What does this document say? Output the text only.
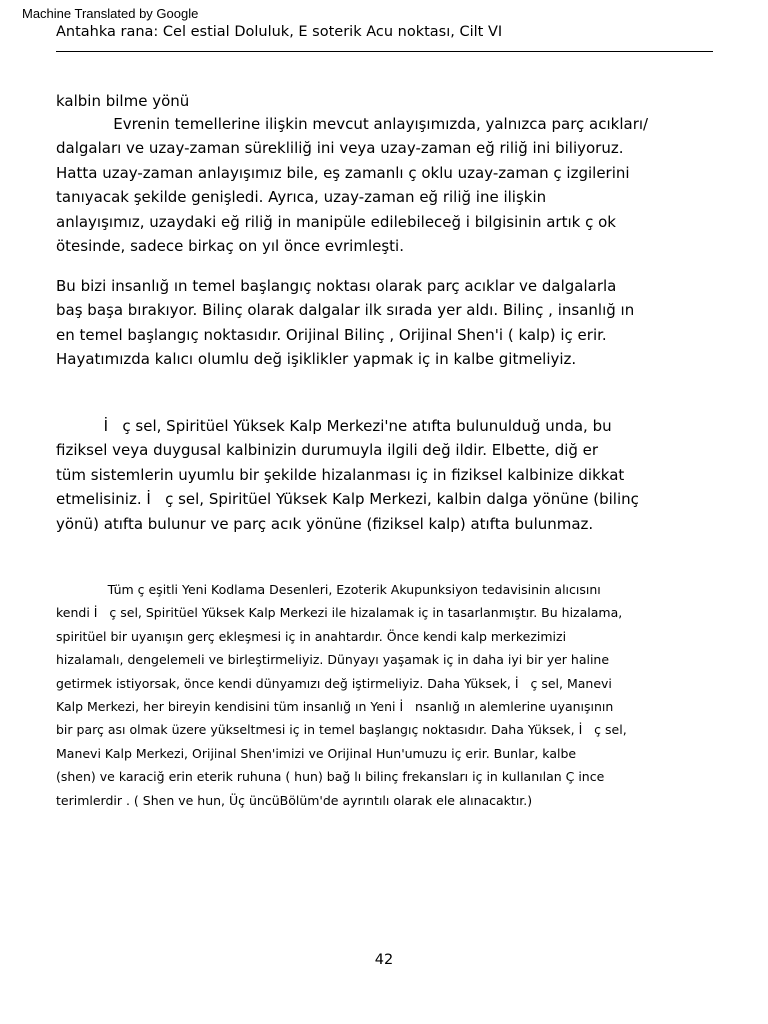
Machine Translated by Google
Antahka rana: Cel estial Doluluk, E soterik Acu noktası, Cilt VI
kalbin bilme yönü
Evrenin temellerine ilişkin mevcut anlayışımızda, yalnızca parç acıkları/
dalgaları ve uzay-zaman sürekliliğ ini veya uzay-zaman eğ riliğ ini biliyoruz.
Hatta uzay-zaman anlayışımız bile, eş zamanlı ç oklu uzay-zaman ç izgilerini
tanıyacak şekilde genişledi. Ayrıca, uzay-zaman eğ riliğ ine ilişkin
anlayışımız, uzaydaki eğ riliğ in manipüle edilebileceğ i bilgisinin artık ç ok
ötesinde, sadece birkaç on yıl önce evrimleşti.
Bu bizi insanlığ ın temel başlangıç noktası olarak parç acıklar ve dalgalarla
baş başa bırakıyor. Bilinç olarak dalgalar ilk sırada yer aldı. Bilinç , insanlığ ın
en temel başlangıç noktasıdır. Orijinal Bilinç , Orijinal Shen'i ( kalp) iç erir.
Hayatımızda kalıcı olumlu değ işiklikler yapmak iç in kalbe gitmeliyiz.
İ   ç sel, Spiritüel Yüksek Kalp Merkezi'ne atıfta bulunulduğ unda, bu
fiziksel veya duygusal kalbinizin durumuyla ilgili değ ildir. Elbette, diğ er
tüm sistemlerin uyumlu bir şekilde hizalanması iç in fiziksel kalbinize dikkat
etmelisiniz. İ   ç sel, Spiritüel Yüksek Kalp Merkezi, kalbin dalga yönüne (bilinç
yönü) atıfta bulunur ve parç acık yönüne (fiziksel kalp) atıfta bulunmaz.
Tüm ç eşitli Yeni Kodlama Desenleri, Ezoterik Akupunksiyon tedavisinin alıcısını
kendi İ   ç sel, Spiritüel Yüksek Kalp Merkezi ile hizalamak iç in tasarlanmıştır. Bu hizalama,
spiritüel bir uyanışın gerç ekleşmesi iç in anahtardır. Önce kendi kalp merkezimizi
hizalamalı, dengelemeli ve birleştirmeliyiz. Dünyayı yaşamak iç in daha iyi bir yer haline
getirmek istiyorsak, önce kendi dünyamızı değ iştirmeliyiz. Daha Yüksek, İ   ç sel, Manevi
Kalp Merkezi, her bireyin kendisini tüm insanlığ ın Yeni İ   nsanlığ ın alemlerine uyanışının
bir parç ası olmak üzere yükseltmesi iç in temel başlangıç noktasıdır. Daha Yüksek, İ   ç sel,
Manevi Kalp Merkezi, Orijinal Shen'imizi ve Orijinal Hun'umuzu iç erir. Bunlar, kalbe
(shen) ve karaciğ erin eterik ruhuna ( hun) bağ lı bilinç frekansları iç in kullanılan Ç ince
terimlerdir . ( Shen ve hun, Üç üncüBölüm'de ayrıntılı olarak ele alınacaktır.)
42
